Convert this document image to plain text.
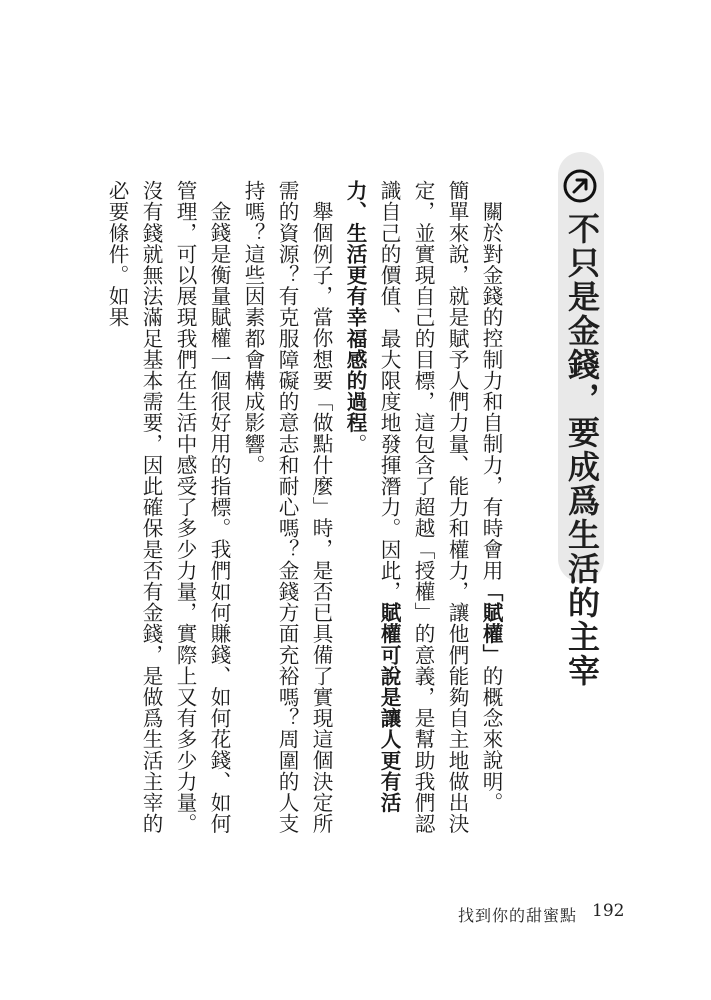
不只是金錢，要成爲生活的主宰

關於對金錢的控制力和自制力，有時會用「賦權」的概念來說明。

簡單來說，就是賦予人們力量、能力和權力，讓他們能夠自主地做出決定，並實現自己的目標，這包含了超越「授權」的意義，是幫助我們認識自己的價值、最大限度地發揮潛力。因此，賦權可說是讓人更有活力、生活更有幸福感的過程。

舉個例子，當你想要「做點什麼」時，是否已具備了實現這個決定所需的資源？有克服障礙的意志和耐心嗎？金錢方面充裕嗎？周圍的人支持嗎？這些因素都會構成影響。

金錢是衡量賦權一個很好用的指標。我們如何賺錢、如何花錢、如何管理，可以展現我們在生活中感受了多少力量，實際上又有多少力量。沒有錢就無法滿足基本需要，因此確保是否有金錢，是做爲生活主宰的必要條件。如果

找到你的甜蜜點 192
